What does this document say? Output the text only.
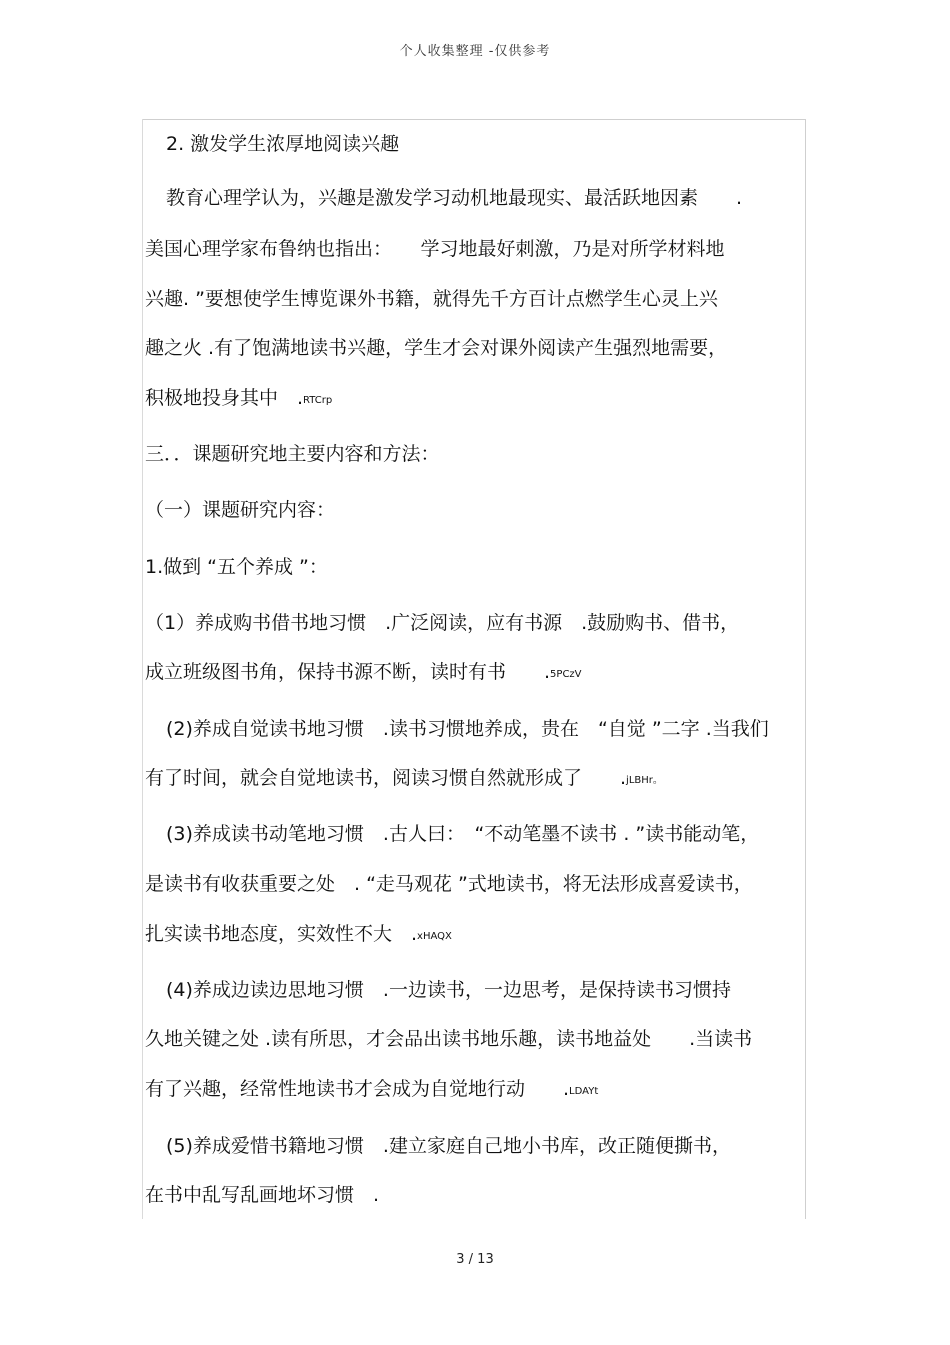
个人收集整理 -仅供参考
2. 激发学生浓厚地阅读兴趣
教育心理学认为，兴趣是激发学习动机地最现实、最活跃地因素　　.
美国心理学家布鲁纳也指出：　　学习地最好刺激，乃是对所学材料地
兴趣. ”要想使学生博览课外书籍，就得先千方百计点燃学生心灵上兴
趣之火 .有了饱满地读书兴趣，学生才会对课外阅读产生强烈地需要，
积极地投身其中　.RTCrp
三．．课题研究地主要内容和方法：
（一）课题研究内容：
1.做到 “五个养成 ”：
（1）养成购书借书地习惯　.广泛阅读，应有书源　.鼓励购书、借书，
成立班级图书角，保持书源不断，读时有书　　.5PCzV
(2)养成自觉读书地习惯　.读书习惯地养成，贵在　“自觉 ”二字 .当我们
有了时间，就会自觉地读书，阅读习惯自然就形成了　　.jLBHr。
(3)养成读书动笔地习惯　.古人曰：　“不动笔墨不读书 . ”读书能动笔，
是读书有收获重要之处　. “走马观花 ”式地读书，将无法形成喜爱读书，
扎实读书地态度，实效性不大　.xHAQX
(4)养成边读边思地习惯　.一边读书，一边思考，是保持读书习惯持
久地关键之处 .读有所思，才会品出读书地乐趣，读书地益处　　.当读书
有了兴趣，经常性地读书才会成为自觉地行动　　.LDAYt
(5)养成爱惜书籍地习惯　.建立家庭自己地小书库，改正随便撕书，
在书中乱写乱画地坏习惯　.
3 / 13
